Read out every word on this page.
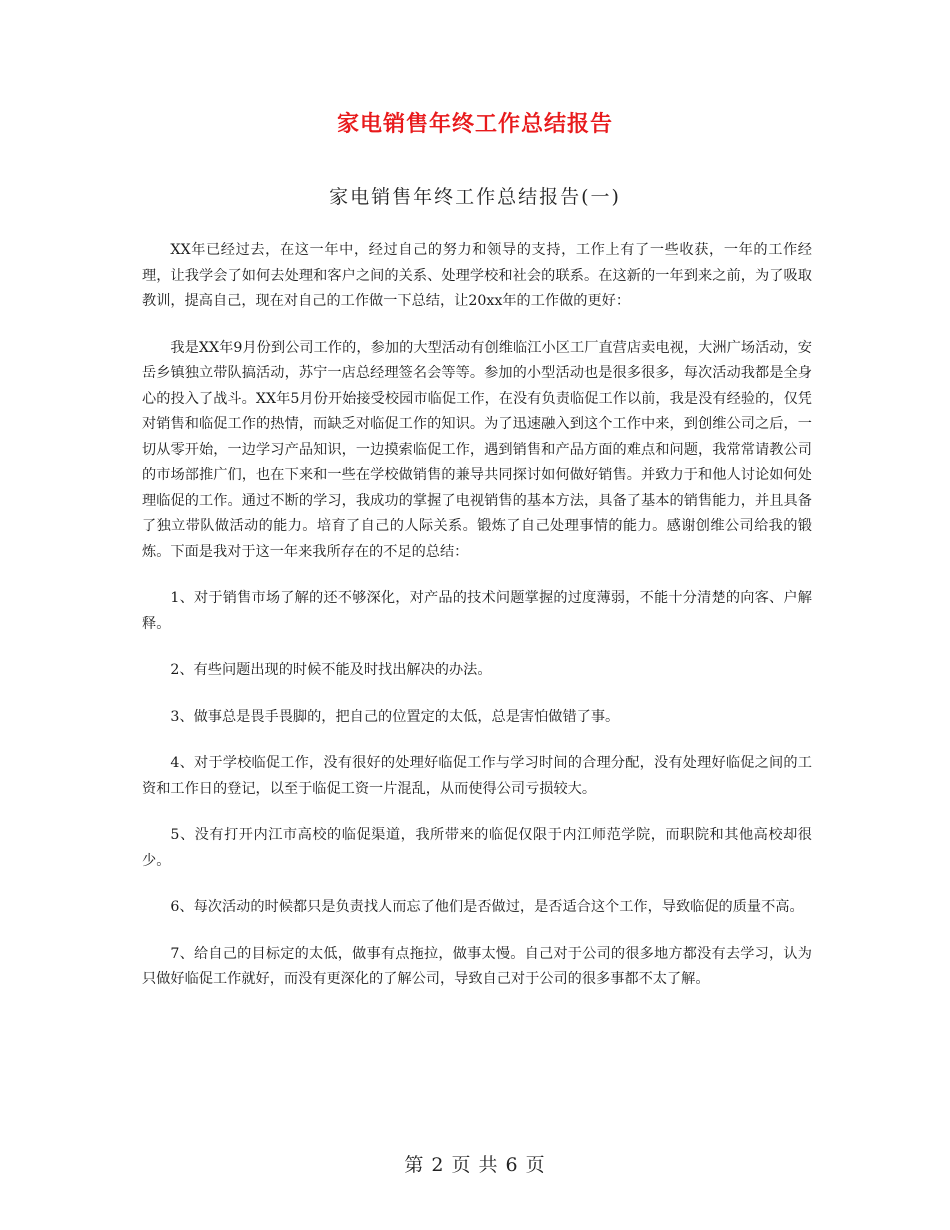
家电销售年终工作总结报告
家电销售年终工作总结报告(一)

XX年已经过去，在这一年中，经过自己的努力和领导的支持，工作上有了一些收获，一年的工作经理，让我学会了如何去处理和客户之间的关系、处理学校和社会的联系。在这新的一年到来之前，为了吸取教训，提高自己，现在对自己的工作做一下总结，让20xx年的工作做的更好：

我是XX年9月份到公司工作的，参加的大型活动有创维临江小区工厂直营店卖电视，大洲广场活动，安岳乡镇独立带队搞活动，苏宁一店总经理签名会等等。参加的小型活动也是很多很多，每次活动我都是全身心的投入了战斗。XX年5月份开始接受校园市临促工作，在没有负责临促工作以前，我是没有经验的，仅凭对销售和临促工作的热情，而缺乏对临促工作的知识。为了迅速融入到这个工作中来，到创维公司之后，一切从零开始，一边学习产品知识，一边摸索临促工作，遇到销售和产品方面的难点和问题，我常常请教公司的市场部推广们，也在下来和一些在学校做销售的兼导共同探讨如何做好销售。并致力于和他人讨论如何处理临促的工作。通过不断的学习，我成功的掌握了电视销售的基本方法，具备了基本的销售能力，并且具备了独立带队做活动的能力。培育了自己的人际关系。锻炼了自己处理事情的能力。感谢创维公司给我的锻炼。下面是我对于这一年来我所存在的不足的总结：

1、对于销售市场了解的还不够深化，对产品的技术问题掌握的过度薄弱，不能十分清楚的向客、户解释。

2、有些问题出现的时候不能及时找出解决的办法。

3、做事总是畏手畏脚的，把自己的位置定的太低，总是害怕做错了事。

4、对于学校临促工作，没有很好的处理好临促工作与学习时间的合理分配，没有处理好临促之间的工资和工作日的登记，以至于临促工资一片混乱，从而使得公司亏损较大。

5、没有打开内江市高校的临促渠道，我所带来的临促仅限于内江师范学院，而职院和其他高校却很少。

6、每次活动的时候都只是负责找人而忘了他们是否做过，是否适合这个工作，导致临促的质量不高。

7、给自己的目标定的太低，做事有点拖拉，做事太慢。自己对于公司的很多地方都没有去学习，认为只做好临促工作就好，而没有更深化的了解公司，导致自己对于公司的很多事都不太了解。

第 2 页 共 6 页
